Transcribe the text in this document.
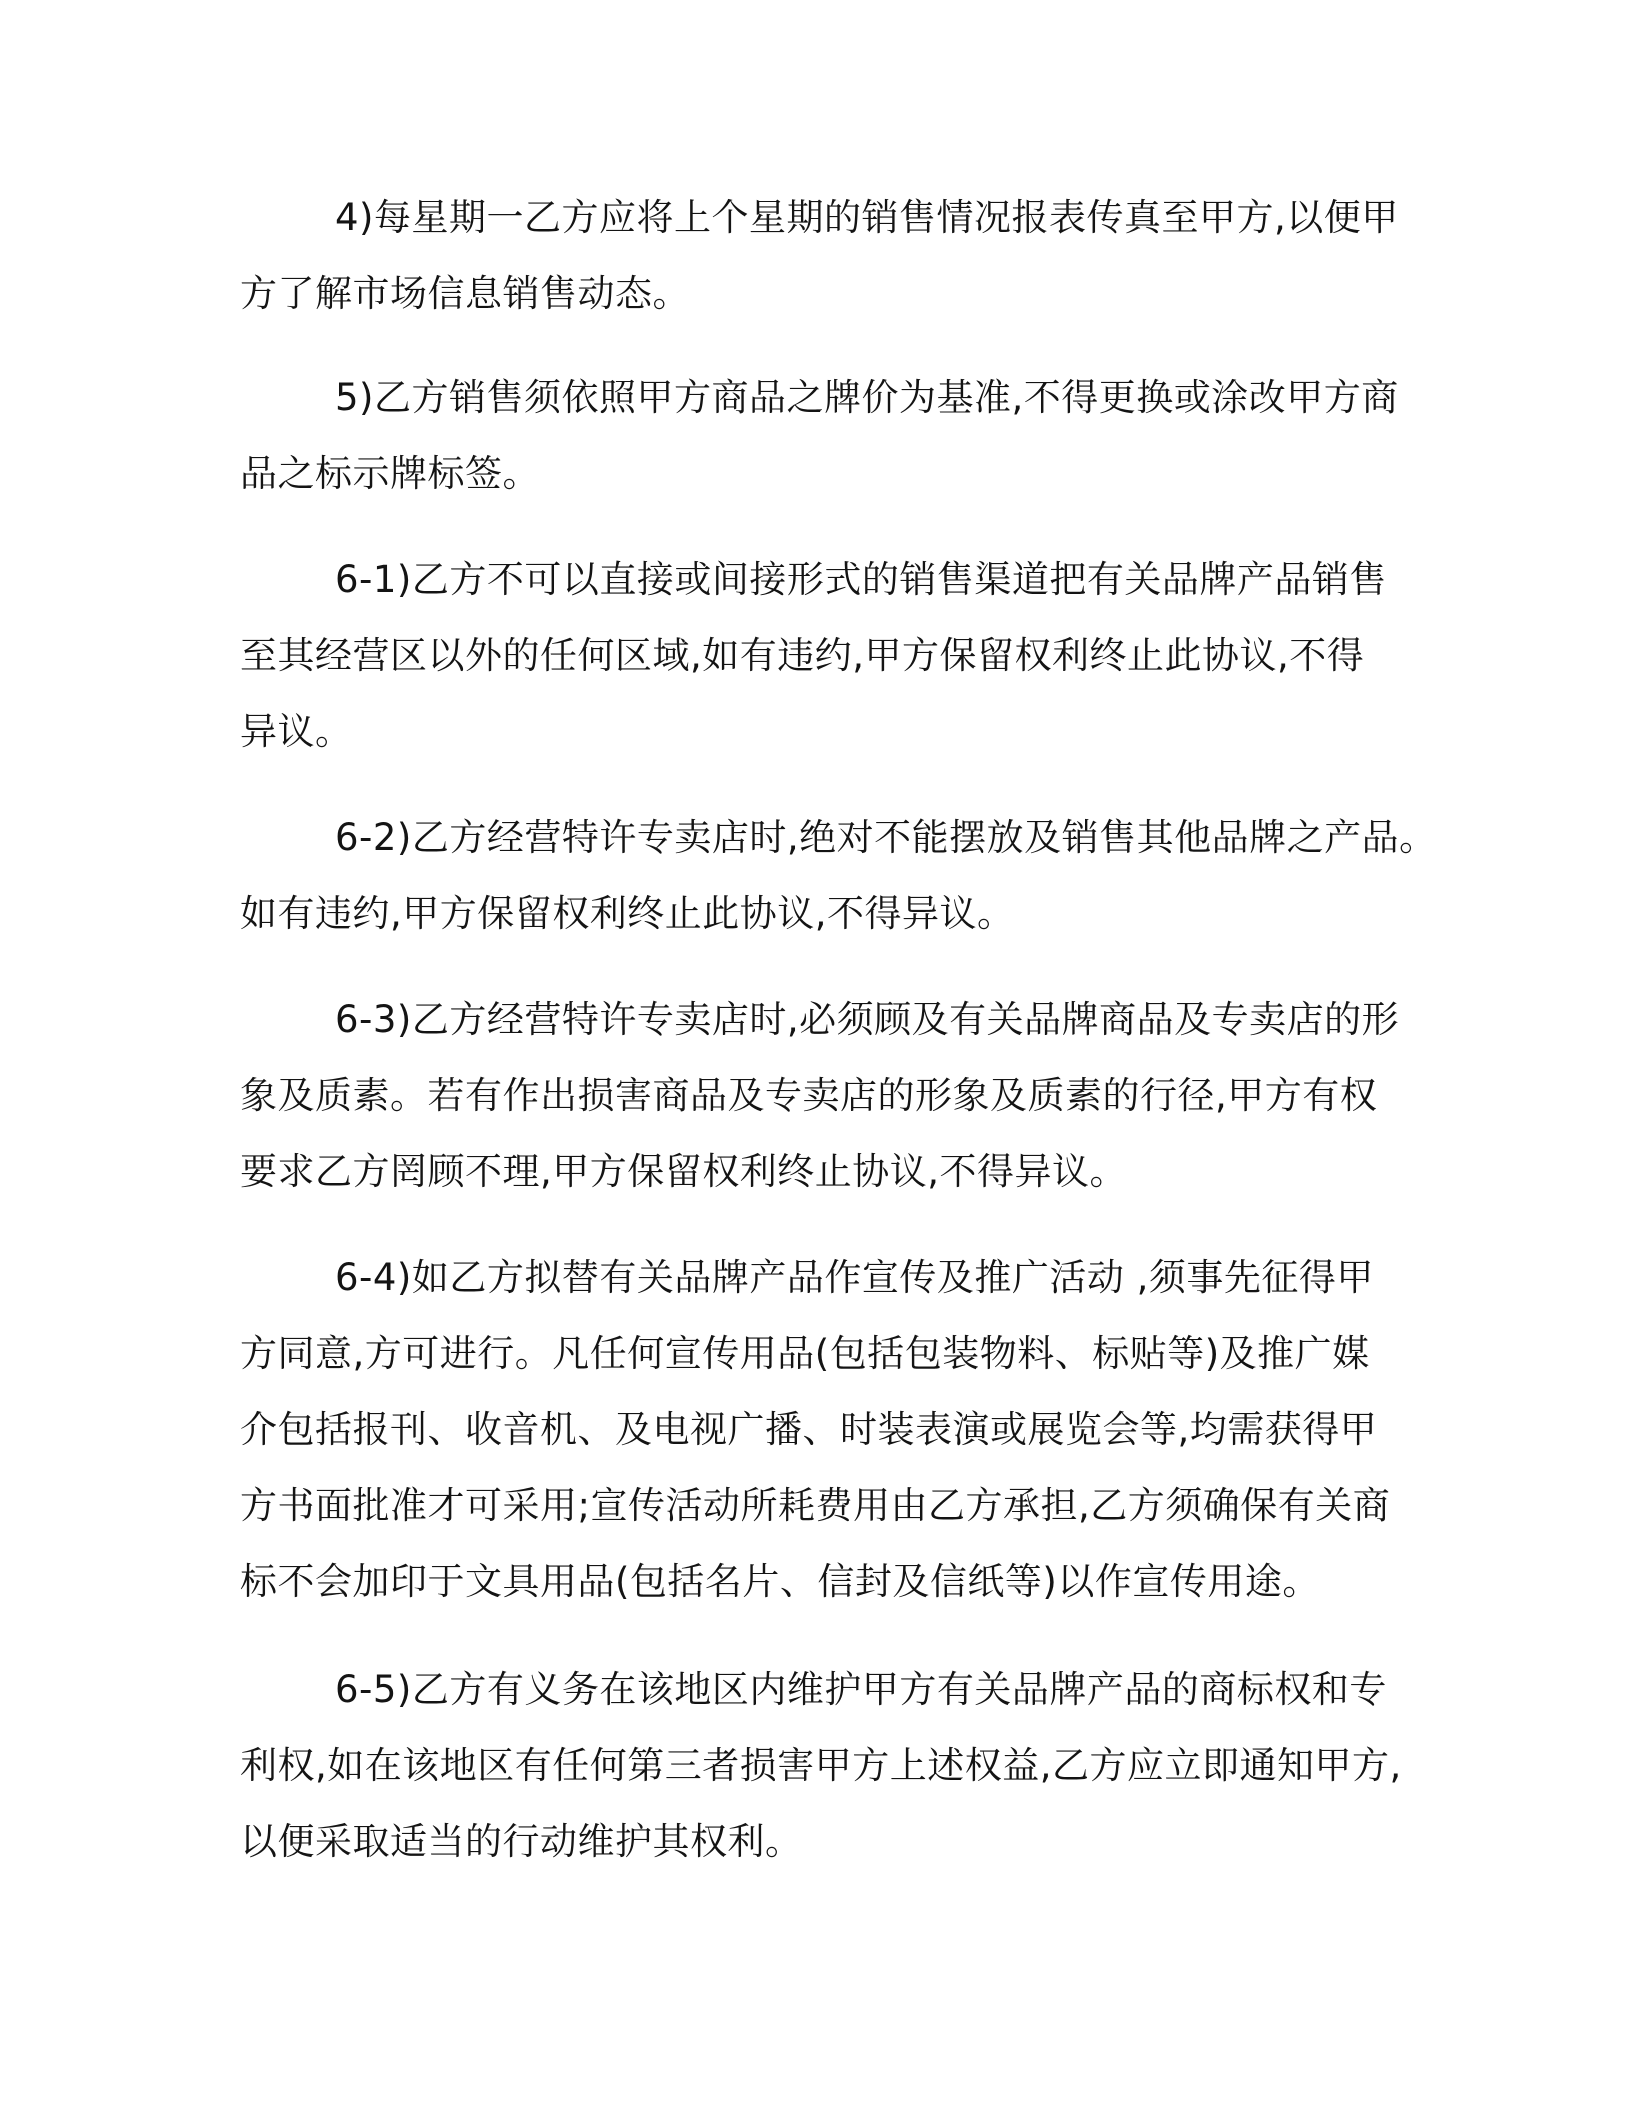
4)每星期一乙方应将上个星期的销售情况报表传真至甲方,以便甲
方了解市场信息销售动态。
5)乙方销售须依照甲方商品之牌价为基准,不得更换或涂改甲方商
品之标示牌标签。
6-1)乙方不可以直接或间接形式的销售渠道把有关品牌产品销售
至其经营区以外的任何区域,如有违约,甲方保留权利终止此协议,不得
异议。
6-2)乙方经营特许专卖店时,绝对不能摆放及销售其他品牌之产品。
如有违约,甲方保留权利终止此协议,不得异议。
6-3)乙方经营特许专卖店时,必须顾及有关品牌商品及专卖店的形
象及质素。若有作出损害商品及专卖店的形象及质素的行径,甲方有权
要求乙方罔顾不理,甲方保留权利终止协议,不得异议。
6-4)如乙方拟替有关品牌产品作宣传及推广活动 ,须事先征得甲
方同意,方可进行。凡任何宣传用品(包括包装物料、标贴等)及推广媒
介包括报刊、收音机、及电视广播、时装表演或展览会等,均需获得甲
方书面批准才可采用;宣传活动所耗费用由乙方承担,乙方须确保有关商
标不会加印于文具用品(包括名片、信封及信纸等)以作宣传用途。
6-5)乙方有义务在该地区内维护甲方有关品牌产品的商标权和专
利权,如在该地区有任何第三者损害甲方上述权益,乙方应立即通知甲方,
以便采取适当的行动维护其权利。
